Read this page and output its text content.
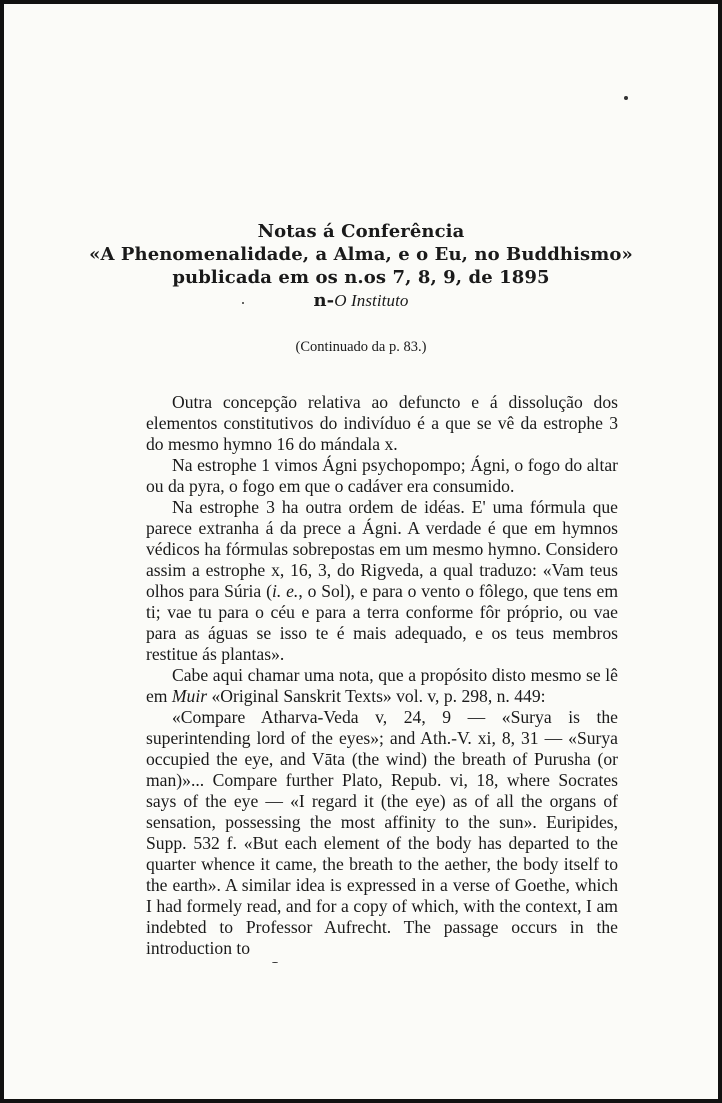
Notas á Conferência
«A Phenomenalidade, a Alma, e o Eu, no Buddhismo»
publicada em os n.os 7, 8, 9, de 1895
n-O Instituto
(Continuado da p. 83.)

Outra concepção relativa ao defuncto e á dissolução dos elementos constitutivos do indivíduo é a que se vê da estrophe 3 do mesmo hymno 16 do mándala x.

Na estrophe 1 vimos Ágni psychopompo; Ágni, o fogo do altar ou da pyra, o fogo em que o cadáver era consumido.

Na estrophe 3 ha outra ordem de idéas. E' uma fórmula que parece extranha á da prece a Ágni. A verdade é que em hymnos védicos ha fórmulas sobrepostas em um mesmo hymno. Considero assim a estrophe x, 16, 3, do Rigveda, a qual traduzo: «Vam teus olhos para Súria (i. e., o Sol), e para o vento o fôlego, que tens em ti; vae tu para o céu e para a terra conforme fôr próprio, ou vae para as águas se isso te é mais adequado, e os teus membros restitue ás plantas».

Cabe aqui chamar uma nota, que a propósito disto mesmo se lê em Muir «Original Sanskrit Texts» vol. v, p. 298, n. 449:

«Compare Atharva-Veda v, 24, 9 — «Surya is the superintending lord of the eyes»; and Ath.-V. xi, 8, 31 — «Surya occupied the eye, and Vāta (the wind) the breath of Purusha (or man)»... Compare further Plato, Repub. vi, 18, where Socrates says of the eye — «I regard it (the eye) as of all the organs of sensation, possessing the most affinity to the sun». Euripides, Supp. 532 f. «But each element of the body has departed to the quarter whence it came, the breath to the aether, the body itself to the earth». A similar idea is expressed in a verse of Goethe, which I had formely read, and for a copy of which, with the context, I am indebted to Professor Aufrecht. The passage occurs in the introduction to
